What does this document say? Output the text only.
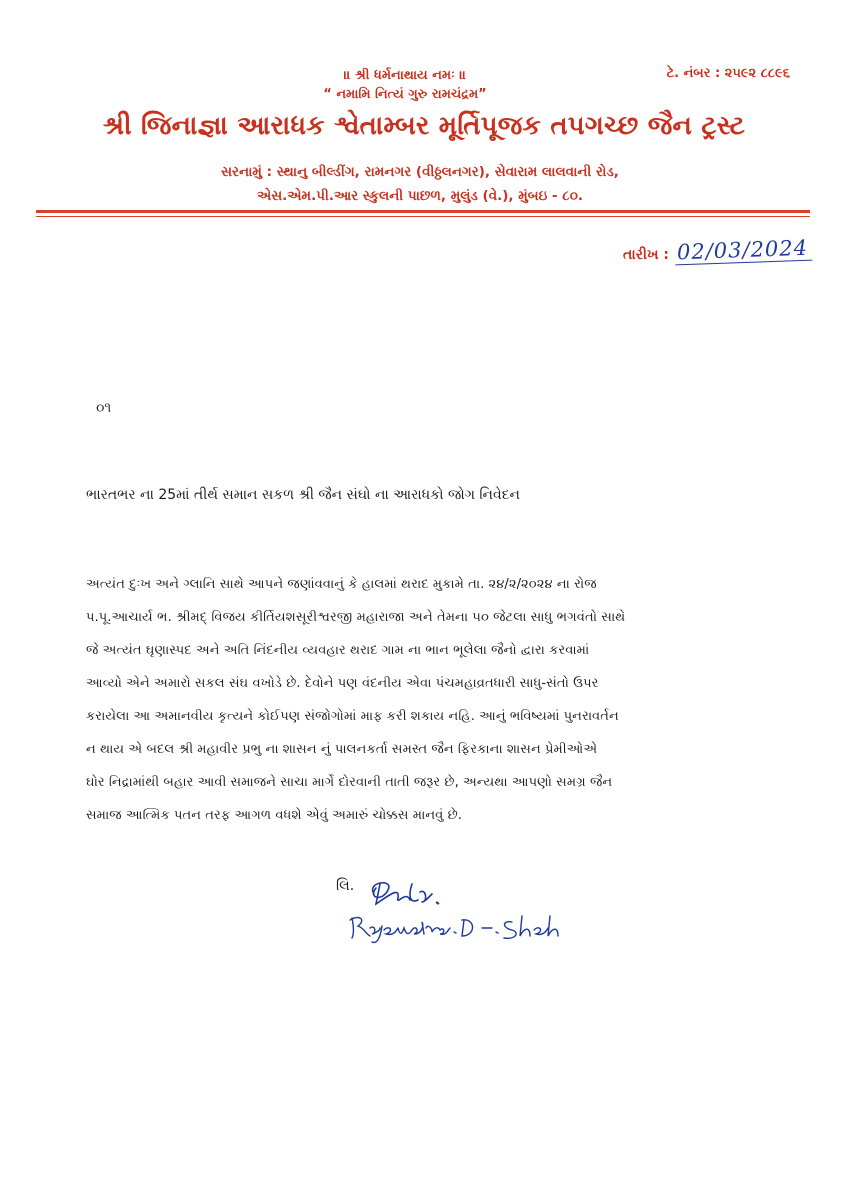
॥ શ્રી ધર્મનાથાય નમઃ ॥
“ નમામિ નિત્યં ગુરુ રામચંદ્રમ”
ટે. નંબર : ૨૫૯૨ ૮૮૯૬
શ્રી જિનાજ્ઞા આરાધક શ્વેતામ્બર મૂર્તિપૂજક તપગચ્છ જૈન ટ્રસ્ટ
સરનામું : સ્થાનુ બીલ્ડીંગ, રામનગર (વીઠ્ઠલનગર), સેવારામ લાલવાની રોડ,
એસ.એમ.પી.આર સ્કુલની પાછળ, મુલુંડ (વે.), મુંબઇ - ૮૦.
તારીખ : 02/03/2024
૦૧
ભારતભર ના 25માં તીર્થ સમાન સકળ શ્રી જૈન સંઘો ના આરાધકો જોગ નિવેદન
અત્યંત દુઃખ અને ગ્લાનિ સાથે આપને જણાંવવાનું કે હાલમાં થરાદ મુકામે તા. ૨૪/૨/૨૦૨૪ ના રોજ
પ.પૂ.આચાર્ય ભ. શ્રીમદ્ વિજય કીર્તિયશસૂરીશ્વરજી મહારાજા અને તેમના ૫૦ જેટલા સાધુ ભગવંતો સાથે
જે અત્યંત ઘૃણાસ્પદ અને અતિ નિંદનીય વ્યવહાર થરાદ ગામ ના ભાન ભૂલેલા જૈનો દ્વારા કરવામાં
આવ્યો એને અમારો સકલ સંઘ વખોડે છે. દેવોને પણ વંદનીય એવા પંચમહાવ્રતધારી સાધુ-સંતો ઉપર
કરાયેલા આ અમાનવીય કૃત્યને કોઈપણ સંજોગોમાં માફ કરી શકાય નહિ. આનું ભવિષ્યમાં પુનરાવર્તન
ન થાય એ બદલ શ્રી મહાવીર પ્રભુ ના શાસન નું પાલનકર્તા સમસ્ત જૈન ફિરકાના શાસન પ્રેમીઓએ
ઘોર નિદ્રામાંથી બહાર આવી સમાજને સાચા માર્ગે દોરવાની તાતી જરૂર છે, અન્યથા આપણો સમગ્ર જૈન
સમાજ આત્મિક પતન તરફ આગળ વધશે એવું અમારું ચોક્કસ માનવું છે.
લિ.
